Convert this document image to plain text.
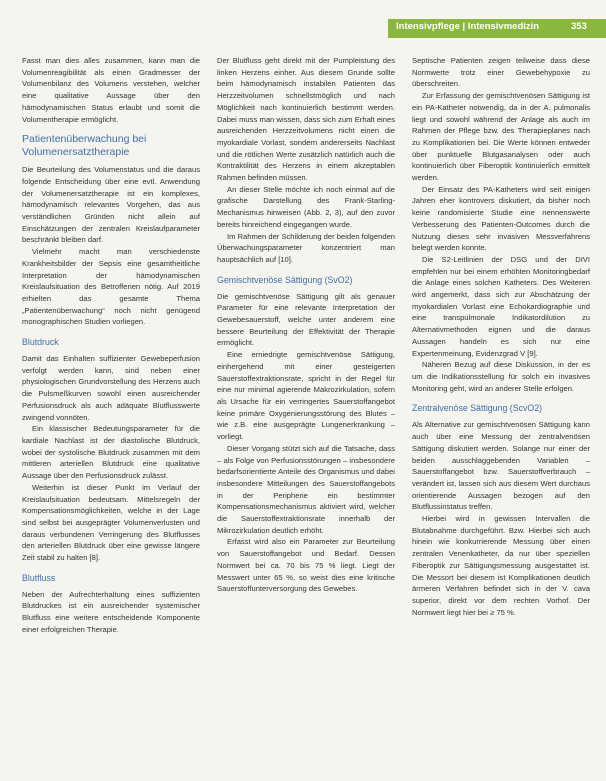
Intensivpflege | Intensivmedizin	353

Fasst man dies alles zusammen, kann man die Volumenreagibilität als einen Gradmesser der Volumenbilanz des Volumens verstehen, welcher eine qualitative Aussage über den hämodynamischen Status erlaubt und somit die Volumentherapie ermöglicht.

Patientenüberwachung bei Volumenersatztherapie

Die Beurteilung des Volumenstatus und die daraus folgende Entscheidung über eine evtl. Anwendung der Volumenersatztherapie ist ein komplexes, hämodynamisch relevantes Vorgehen, das aus verständlichen Gründen nicht allein auf Einschätzungen der zentralen Kreislaufparameter beschränkt bleiben darf.

Vielmehr macht man verschiedenste Krankheitsbilder der Sepsis eine gesamtheitliche Interpretation der hämodynamischen Kreislaufsituation des Betroffenen nötig. Auf 2019 erhielten das gesamte Thema „Patientenüberwachung“ noch nicht genügend monographischen Studien vorliegen.

Blutdruck

Damit das Einhalten suffizienter Gewebeperfusion verfolgt werden kann, sind neben einer physiologischen Grundvorstellung des Herzens auch die Pulsmeßkurven sowohl einen ausreichender Perfusionsdruck als auch adäquate Blutflusswerte zwingend vonnöten.

Ein klassischer Bedeutungsparameter für die kardiale Nachlast ist der diastolische Blutdruck, wobei der systolische Blutdruck zusammen mit dem mittleren arteriellen Blutdruck eine qualitative Aussage über den Perfusionsdruck zulässt.

Weiterhin ist dieser Punkt im Verlauf der Kreislaufsituation bedeutsam. Mittelsregeln der Kompensationsmöglichkeiten, welche in der Lage sind selbst bei ausgeprägter Volumenverlusten und daraus verbundenen Verringerung des Blutflusses den arteriellen Blutdruck über eine gewisse längere Zeit stabil zu halten [8].

Blutfluss

Neben der Aufrechterhaltung eines suffizienten Blutdruckes ist ein ausreichender systemischer Blutfluss eine weitere entscheidende Komponente einer erfolgreichen Therapie.

Der Blutfluss geht direkt mit der Pumpleistung des linken Herzens einher. Aus diesem Grunde sollte beim hämodynamisch instabilen Patienten das Herzzeitvolumen schnellstmöglich und nach Möglichkeit nach kontinuierlich bestimmt werden. Dabei muss man wissen, dass sich zum Erhalt eines ausreichenden Herzzeitvolumens nicht einen die myokardiale Vorlast, sondern andererseits Nachlast und die rötlichen Werte zusätzlich natürlich auch die Kontraktilität des Herzens in einem akzeptablen Rahmen befinden müssen.

An dieser Stelle möchte ich noch einmal auf die grafische Darstellung des Frank-Starling-Mechanismus hinweisen (Abb. 2, 3), auf den zuvor bereits hinreichend eingegangen wurde.

Im Rahmen der Schilderung der beiden folgenden Überwachungsparameter konzentriert man hauptsächlich auf [10].

Gemischtvenöse Sättigung (SvO2)

Die gemischtvenöse Sättigung gilt als genauer Parameter für eine relevante Interpretation der Gewebesauerstoff, welche unter anderem eine bessere Beurteilung der Effektivität der Therapie ermöglicht.

Eine erniedrigte gemischtvenöse Sättigung, einhergehend mit einer gesteigerten Sauerstoffextraktionsrate, spricht in der Regel für eine nur minimal agierende Makrozirkulation, sofern als Ursache für ein verringertes Sauerstoffangebot keine primäre Oxygenierungsstörung des Blutes – wie z.B. eine ausgeprägte Lungenerkrankung – vorliegt.

Dieser Vorgang stützt sich auf die Tatsache, dass – als Folge von Perfusionsstörungen – insbesondere bedarfsorientierte Anteile des Organismus und dabei insbesondere Mitteilungen des Sauerstoffangebots in der Peripherie ein bestimmter Kompensationsmechanismus aktiviert wird, welcher die Sauerstoffextraktionsrate innerhalb der Mikrozirkulation deutlich erhöht.

Erfasst wird also ein Parameter zur Beurteilung von Sauerstoffangebot und Bedarf. Dessen Normwert bei ca. 70 bis 75 % liegt. Liegt der Messwert unter 65 %, so weist dies eine kritische Sauerstoffunterversorgung des Gewebes.

Septische Patienten zeigen teilweise dass diese Normwerte trotz einer Gewebehypoxie zu überschreiten.

Zur Erfassung der gemischtvenösen Sättigung ist ein PA-Katheter notwendig, da in der A. pulmonalis liegt und sowohl während der Anlage als auch im Rahmen der Pflege bzw. des Therapieplanes nach zu Komplikationen bei. Die Werte können entweder über punktuelle Blutgasanalysen oder auch kontinuierlich über Fiberoptik kontinuierlich ermittelt werden.

Der Einsatz des PA-Katheters wird seit einigen Jahren eher kontrovers diskutiert, da bisher noch keine randomisierte Studie eine nennenswerte Verbesserung des Patienten-Outcomes durch die Nutzung dieses sehr invasiven Messverfahrens belegt werden konnte.

Die S2-Leitlinien der DSG und der DIVI empfehlen nur bei einem erhöhten Monitoringbedarf die Anlage eines solchen Katheters. Des Weiteren wird angemerkt, dass sich zur Abschätzung der myokardialen Vorlast eine Echokardiographie und eine transpulmonale Indikatordilution zu Alternativmethoden eignen und die daraus Aussagen handeln es sich nur eine Expertenmeinung, Evidenzgrad V [9].

Näheren Bezug auf diese Diskussion, in der es um die Indikationsstellung für solch ein invasives Monitoring geht, wird an anderer Stelle erfolgen.

Zentralvenöse Sättigung (ScvO2)

Als Alternative zur gemischtvenösen Sättigung kann auch über eine Messung der zentralvenösen Sättigung diskutiert werden. Solange nur einer der beiden ausschlaggebenden Variablen – Sauerstoffangebot bzw. Sauerstoffverbrauch – verändert ist, lassen sich aus diesem Wert durchaus orientierende Aussagen bezogen auf den Blutflussinstatus treffen.

Hierbei wird in gewissen Intervallen die Blutabnahme durchgeführt. Bzw. Hierbei sich auch hinein wie konkurrierende Messung über einen zentralen Venenkatheter, da nur über speziellen Fiberoptik zur Sättigungsmessung ausgestattet ist. Die Messort bei diesem ist Komplikationen deutlich ärmeren Verfahren befindet sich in der V. cava superior, direkt vor dem rechten Vorhof. Der Normwert liegt hier bei ≥ 75 %.
